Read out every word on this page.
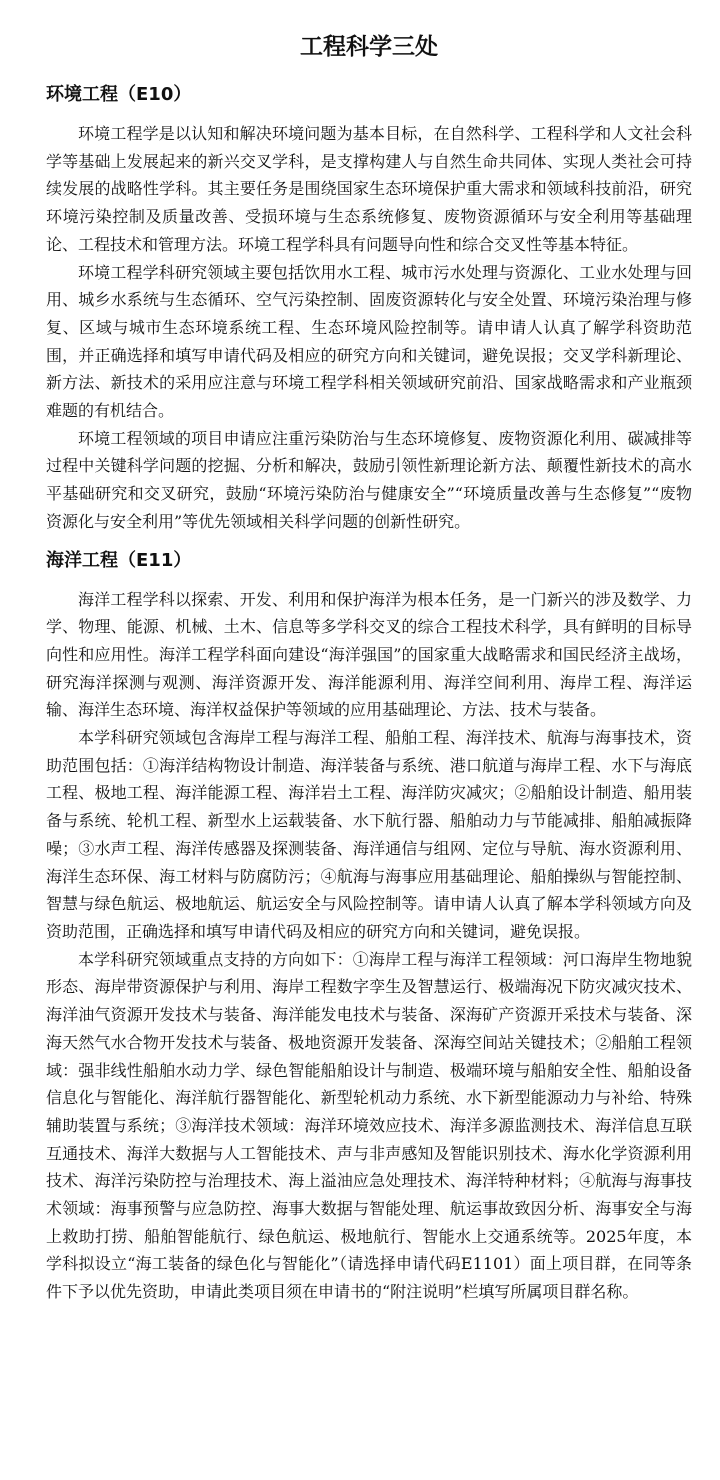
工程科学三处
环境工程（E10）

环境工程学是以认知和解决环境问题为基本目标，在自然科学、工程科学和人文社会科学等基础上发展起来的新兴交叉学科，是支撑构建人与自然生命共同体、实现人类社会可持续发展的战略性学科。其主要任务是围绕国家生态环境保护重大需求和领域科技前沿，研究环境污染控制及质量改善、受损环境与生态系统修复、废物资源循环与安全利用等基础理论、工程技术和管理方法。环境工程学科具有问题导向性和综合交叉性等基本特征。

环境工程学科研究领域主要包括饮用水工程、城市污水处理与资源化、工业水处理与回用、城乡水系统与生态循环、空气污染控制、固废资源转化与安全处置、环境污染治理与修复、区域与城市生态环境系统工程、生态环境风险控制等。请申请人认真了解学科资助范围，并正确选择和填写申请代码及相应的研究方向和关键词，避免误报；交叉学科新理论、新方法、新技术的采用应注意与环境工程学科相关领域研究前沿、国家战略需求和产业瓶颈难题的有机结合。

环境工程领域的项目申请应注重污染防治与生态环境修复、废物资源化利用、碳减排等过程中关键科学问题的挖掘、分析和解决，鼓励引领性新理论新方法、颠覆性新技术的高水平基础研究和交叉研究，鼓励“环境污染防治与健康安全”“环境质量改善与生态修复”“废物资源化与安全利用”等优先领域相关科学问题的创新性研究。

海洋工程（E11）

海洋工程学科以探索、开发、利用和保护海洋为根本任务，是一门新兴的涉及数学、力学、物理、能源、机械、土木、信息等多学科交叉的综合工程技术科学，具有鲜明的目标导向性和应用性。海洋工程学科面向建设“海洋强国”的国家重大战略需求和国民经济主战场，研究海洋探测与观测、海洋资源开发、海洋能源利用、海洋空间利用、海岸工程、海洋运输、海洋生态环境、海洋权益保护等领域的应用基础理论、方法、技术与装备。

本学科研究领域包含海岸工程与海洋工程、船舶工程、海洋技术、航海与海事技术，资助范围包括：①海洋结构物设计制造、海洋装备与系统、港口航道与海岸工程、水下与海底工程、极地工程、海洋能源工程、海洋岩土工程、海洋防灾减灾；②船舶设计制造、船用装备与系统、轮机工程、新型水上运载装备、水下航行器、船舶动力与节能减排、船舶减振降噪；③水声工程、海洋传感器及探测装备、海洋通信与组网、定位与导航、海水资源利用、海洋生态环保、海工材料与防腐防污；④航海与海事应用基础理论、船舶操纵与智能控制、智慧与绿色航运、极地航运、航运安全与风险控制等。请申请人认真了解本学科领域方向及资助范围，正确选择和填写申请代码及相应的研究方向和关键词，避免误报。

本学科研究领域重点支持的方向如下：①海岸工程与海洋工程领域：河口海岸生物地貌形态、海岸带资源保护与利用、海岸工程数字孪生及智慧运行、极端海况下防灾减灾技术、海洋油气资源开发技术与装备、海洋能发电技术与装备、深海矿产资源开采技术与装备、深海天然气水合物开发技术与装备、极地资源开发装备、深海空间站关键技术；②船舶工程领域：强非线性船舶水动力学、绿色智能船舶设计与制造、极端环境与船舶安全性、船舶设备信息化与智能化、海洋航行器智能化、新型轮机动力系统、水下新型能源动力与补给、特殊辅助装置与系统；③海洋技术领域：海洋环境效应技术、海洋多源监测技术、海洋信息互联互通技术、海洋大数据与人工智能技术、声与非声感知及智能识别技术、海水化学资源利用技术、海洋污染防控与治理技术、海上溢油应急处理技术、海洋特种材料；④航海与海事技术领域：海事预警与应急防控、海事大数据与智能处理、航运事故致因分析、海事安全与海上救助打捞、船舶智能航行、绿色航运、极地航行、智能水上交通系统等。2025年度，本学科拟设立“海工装备的绿色化与智能化”（请选择申请代码E1101）面上项目群，在同等条件下予以优先资助，申请此类项目须在申请书的“附注说明”栏填写所属项目群名称。
